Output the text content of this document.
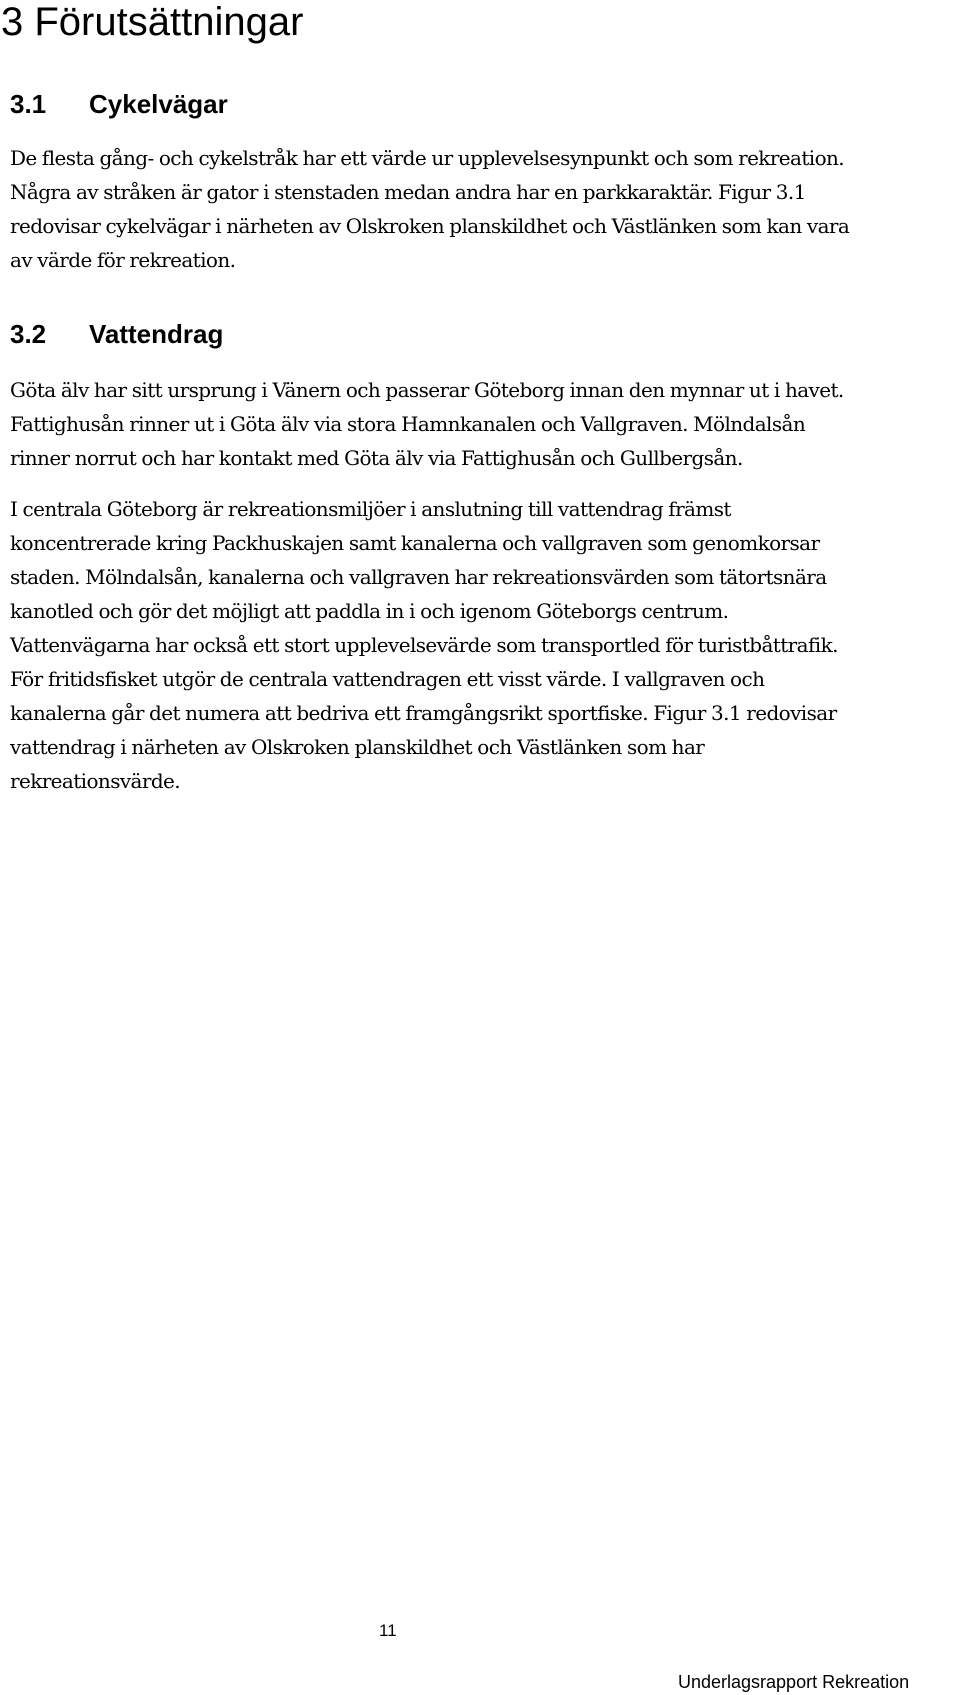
3 Förutsättningar
3.1 Cykelvägar

De flesta gång- och cykelstråk har ett värde ur upplevelsesynpunkt och som rekreation.
Några av stråken är gator i stenstaden medan andra har en parkkaraktär. Figur 3.1
redovisar cykelvägar i närheten av Olskroken planskildhet och Västlänken som kan vara
av värde för rekreation.

3.2 Vattendrag

Göta älv har sitt ursprung i Vänern och passerar Göteborg innan den mynnar ut i havet.
Fattighusån rinner ut i Göta älv via stora Hamnkanalen och Vallgraven. Mölndalsån
rinner norrut och har kontakt med Göta älv via Fattighusån och Gullbergsån.

I centrala Göteborg är rekreationsmiljöer i anslutning till vattendrag främst
koncentrerade kring Packhuskajen samt kanalerna och vallgraven som genomkorsar
staden. Mölndalsån, kanalerna och vallgraven har rekreationsvärden som tätortsnära
kanotled och gör det möjligt att paddla in i och igenom Göteborgs centrum.
Vattenvägarna har också ett stort upplevelsevärde som transportled för turistbåttrafik.
För fritidsfisket utgör de centrala vattendragen ett visst värde. I vallgraven och
kanalerna går det numera att bedriva ett framgångsrikt sportfiske. Figur 3.1 redovisar
vattendrag i närheten av Olskroken planskildhet och Västlänken som har
rekreationsvärde.

11
Underlagsrapport Rekreation
